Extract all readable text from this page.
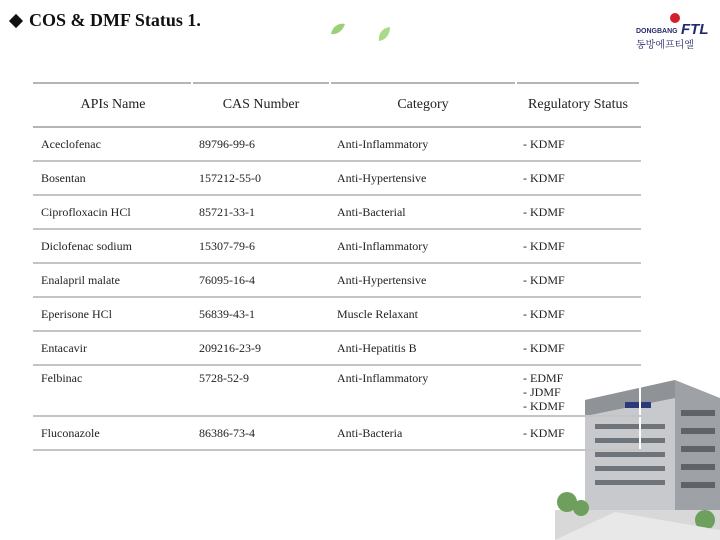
COS & DMF Status 1.
DONGBANG FTL
동방에프티엘
APIs Name	CAS Number	Category	Regulatory Status
Aceclofenac	89796-99-6	Anti-Inflammatory	- KDMF

Bosentan	157212-55-0	Anti-Hypertensive	- KDMF

Ciprofloxacin HCl	85721-33-1	Anti-Bacterial	- KDMF

Diclofenac sodium	15307-79-6	Anti-Inflammatory	- KDMF

Enalapril malate	76095-16-4	Anti-Hypertensive	- KDMF

Eperisone HCl	56839-43-1	Muscle Relaxant	- KDMF

Entacavir	209216-23-9	Anti-Hepatitis B	- KDMF

Felbinac	5728-52-9	Anti-Inflammatory	- EDMF
- JDMF
- KDMF

Fluconazole	86386-73-4	Anti-Bacteria	- KDMF
